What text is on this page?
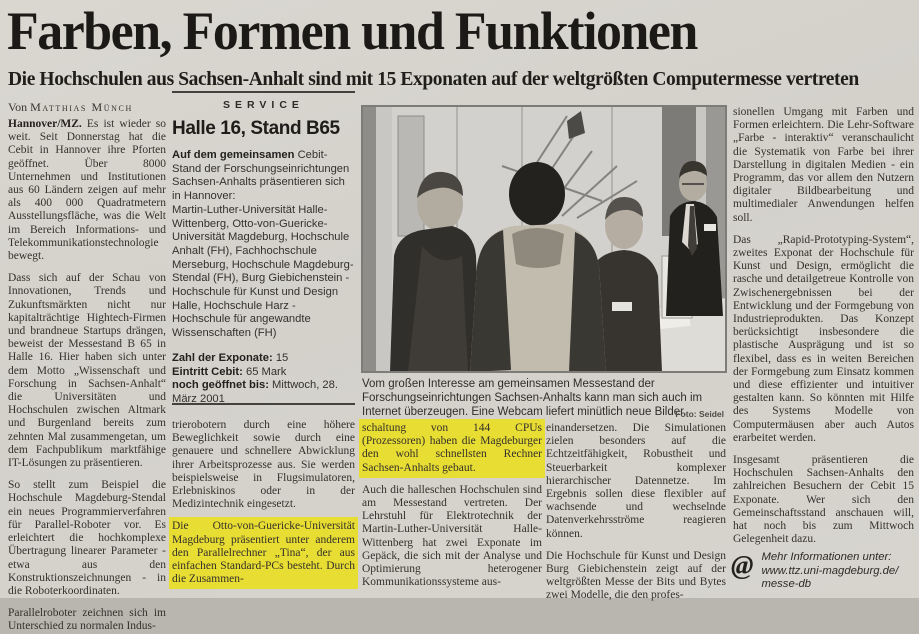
Farben, Formen und Funktionen
Die Hochschulen aus Sachsen-Anhalt sind mit 15 Exponaten auf der weltgrößten Computermesse vertreten
Von Matthias Münch

Hannover/MZ. Es ist wieder so weit. Seit Donnerstag hat die Cebit in Hannover ihre Pforten geöffnet. Über 8000 Unternehmen und Institutionen aus 60 Ländern zeigen auf mehr als 400 000 Quadratmetern Ausstellungsfläche, was die Welt im Bereich Informations- und Telekommunikationstechnologie bewegt.

Dass sich auf der Schau von Innovationen, Trends und Zukunftsmärkten nicht nur kapitalträchtige Hightech-Firmen und brandneue Startups drängen, beweist der Messestand B 65 in Halle 16. Hier haben sich unter dem Motto „Wissenschaft und Forschung in Sachsen-Anhalt“ die Universitäten und Hochschulen zwischen Altmark und Burgenland bereits zum zehnten Mal zusammengetan, um dem Fachpublikum marktfähige IT-Lösungen zu präsentieren.

So stellt zum Beispiel die Hochschule Magdeburg-Stendal ein neues Programmierverfahren für Parallel-Roboter vor. Es erleichtert die hochkomplexe Übertragung linearer Parameter - etwa aus den Konstruktionszeichnungen - in die Roboterkoordinaten.

Parallelroboter zeichnen sich im Unterschied zu normalen Indus-

SERVICE
Halle 16, Stand B65

Auf dem gemeinsamen Cebit-Stand der Forschungseinrichtungen Sachsen-Anhalts präsentieren sich in Hannover:

Martin-Luther-Universität Halle-Wittenberg, Otto-von-Guericke-Universität Magdeburg, Hochschule Anhalt (FH), Fachhochschule Merseburg, Hochschule Magdeburg-Stendal (FH), Burg Giebichenstein - Hochschule für Kunst und Design Halle, Hochschule Harz - Hochschule für angewandte Wissenschaften (FH)

Zahl der Exponate: 15
Eintritt Cebit: 65 Mark
noch geöffnet bis: Mittwoch, 28. März 2001

trierobotern durch eine höhere Beweglichkeit sowie durch eine genauere und schnellere Abwicklung ihrer Arbeitsprozesse aus. Sie werden beispielsweise in Flugsimulatoren, Erlebniskinos oder in der Medizintechnik eingesetzt.

Die Otto-von-Guericke-Universität Magdeburg präsentiert unter anderem den Parallelrechner „Tina“, der aus einfachen Standard-PCs besteht. Durch die Zusammen-

Vom großen Interesse am gemeinsamen Messestand der Forschungseinrichtungen Sachsen-Anhalts kann man sich auch im Internet überzeugen. Eine Webcam liefert minütlich neue Bilder.
Foto: Seidel

schaltung von 144 CPUs (Prozessoren) haben die Magdeburger den wohl schnellsten Rechner Sachsen-Anhalts gebaut.

Auch die halleschen Hochschulen sind am Messestand vertreten. Der Lehrstuhl für Elektrotechnik der Martin-Luther-Universität Halle-Wittenberg hat zwei Exponate im Gepäck, die sich mit der Analyse und Optimierung heterogener Kommunikationssysteme aus-

einandersetzen. Die Simulationen zielen besonders auf die Echtzeitfähigkeit, Robustheit und Steuerbarkeit komplexer hierarchischer Datennetze. Im Ergebnis sollen diese flexibler auf wachsende und wechselnde Datenverkehrsströme reagieren können.

Die Hochschule für Kunst und Design Burg Giebichenstein zeigt auf der weltgrößten Messe der Bits und Bytes zwei Modelle, die den profes-

sionellen Umgang mit Farben und Formen erleichtern. Die Lehr-Software „Farbe - interaktiv“ veranschaulicht die Systematik von Farbe bei ihrer Darstellung in digitalen Medien - ein Programm, das vor allem den Nutzern digitaler Bildbearbeitung und multimedialer Anwendungen helfen soll.

Das „Rapid-Prototyping-System“, zweites Exponat der Hochschule für Kunst und Design, ermöglicht die rasche und detailgetreue Kontrolle von Zwischenergebnissen bei der Entwicklung und der Formgebung von Industrieprodukten. Das Konzept berücksichtigt insbesondere die plastische Ausprägung und ist so flexibel, dass es in weiten Bereichen der Formgebung zum Einsatz kommen und diese effizienter und intuitiver gestalten kann. So könnten mit Hilfe des Systems Modelle von Computermäusen aber auch Autos erarbeitet werden.

Insgesamt präsentieren die Hochschulen Sachsen-Anhalts den zahlreichen Besuchern der Cebit 15 Exponate. Wer sich den Gemeinschaftsstand anschauen will, hat noch bis zum Mittwoch Gelegenheit dazu.

@ Mehr Informationen unter:
www.ttz.uni-magdeburg.de/
messe-db
